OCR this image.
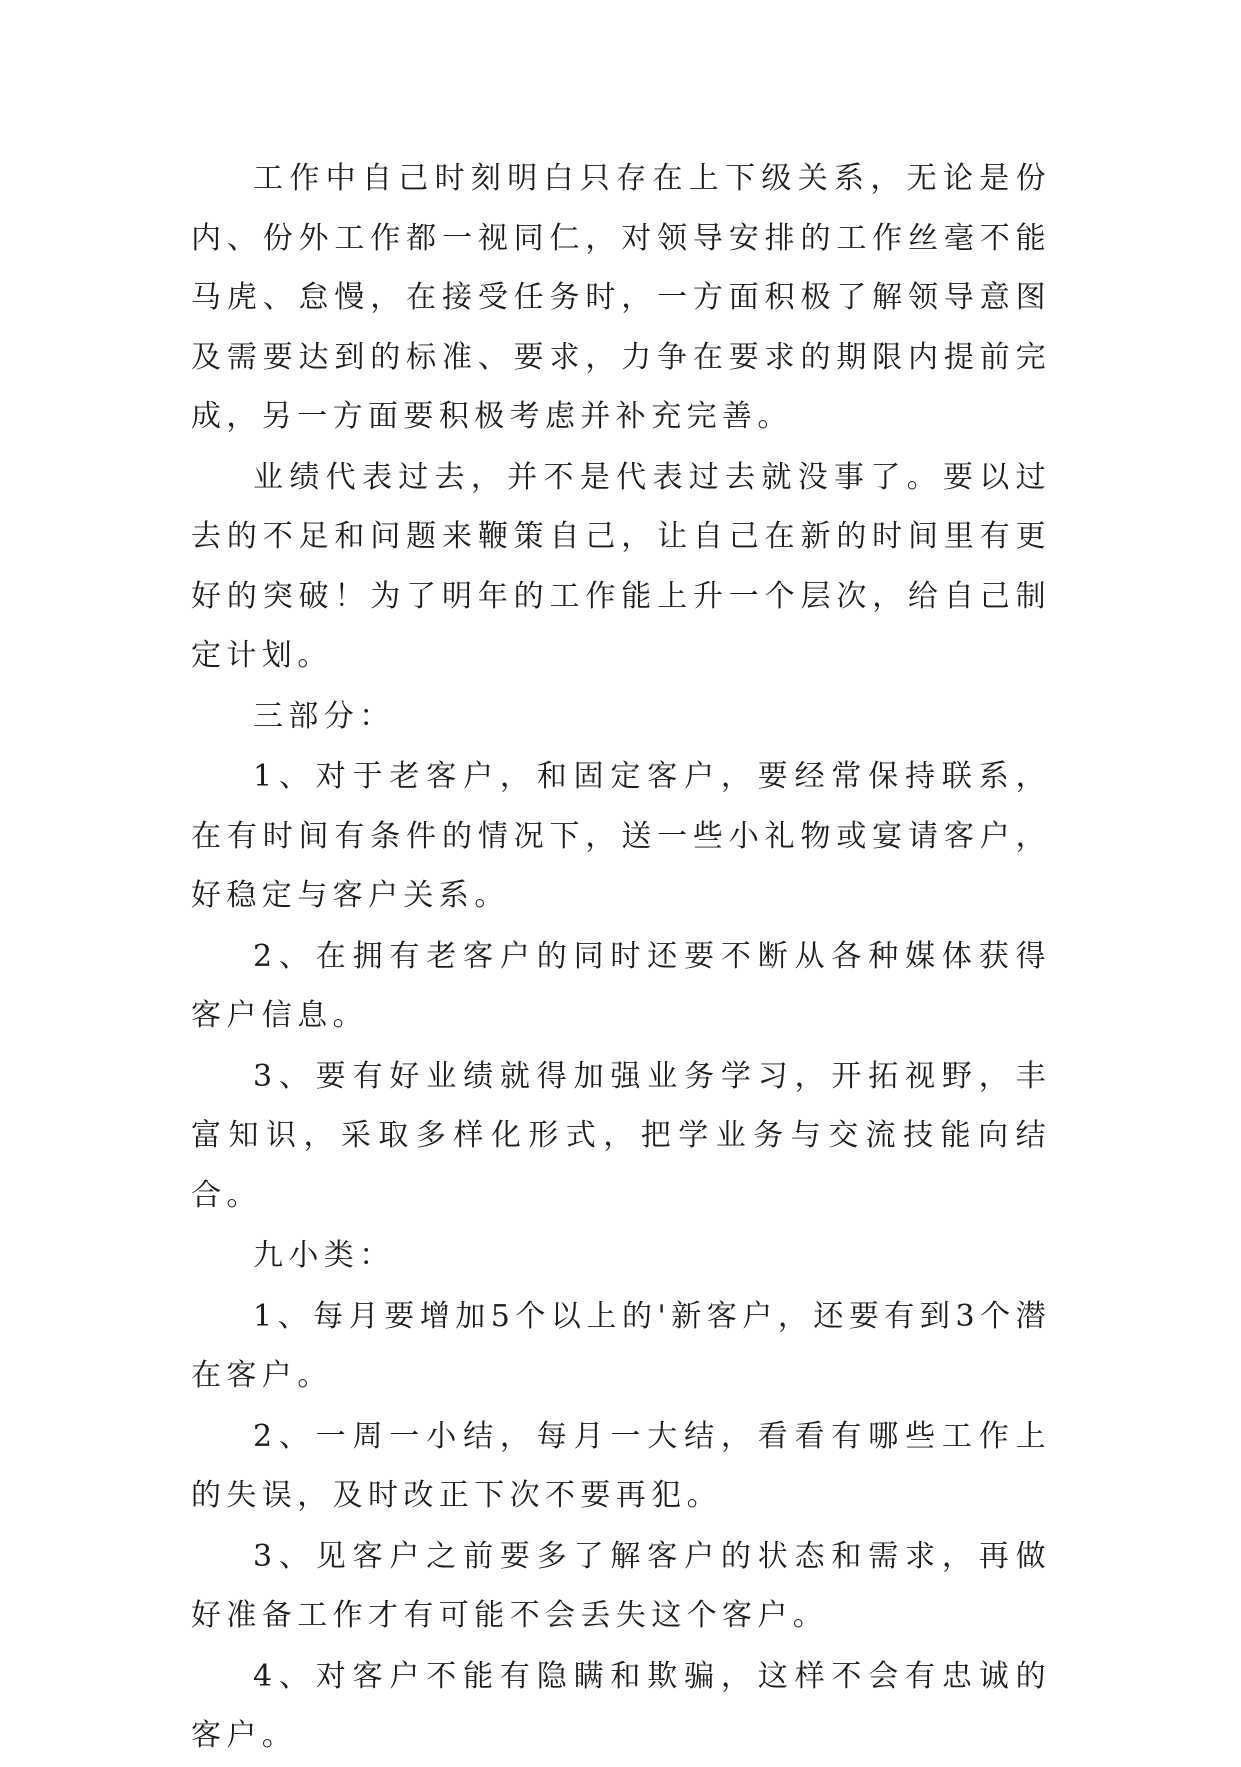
工作中自己时刻明白只存在上下级关系，无论是份内、份外工作都一视同仁，对领导安排的工作丝毫不能马虎、怠慢，在接受任务时，一方面积极了解领导意图及需要达到的标准、要求，力争在要求的期限内提前完成，另一方面要积极考虑并补充完善。

业绩代表过去，并不是代表过去就没事了。要以过去的不足和问题来鞭策自己，让自己在新的时间里有更好的突破！为了明年的工作能上升一个层次，给自己制定计划。

三部分：

1、对于老客户，和固定客户，要经常保持联系，在有时间有条件的情况下，送一些小礼物或宴请客户，好稳定与客户关系。

2、在拥有老客户的同时还要不断从各种媒体获得客户信息。

3、要有好业绩就得加强业务学习，开拓视野，丰富知识，采取多样化形式，把学业务与交流技能向结合。

九小类：

1、每月要增加5个以上的'新客户，还要有到3个潜在客户。

2、一周一小结，每月一大结，看看有哪些工作上的失误，及时改正下次不要再犯。

3、见客户之前要多了解客户的状态和需求，再做好准备工作才有可能不会丢失这个客户。

4、对客户不能有隐瞒和欺骗，这样不会有忠诚的客户。
